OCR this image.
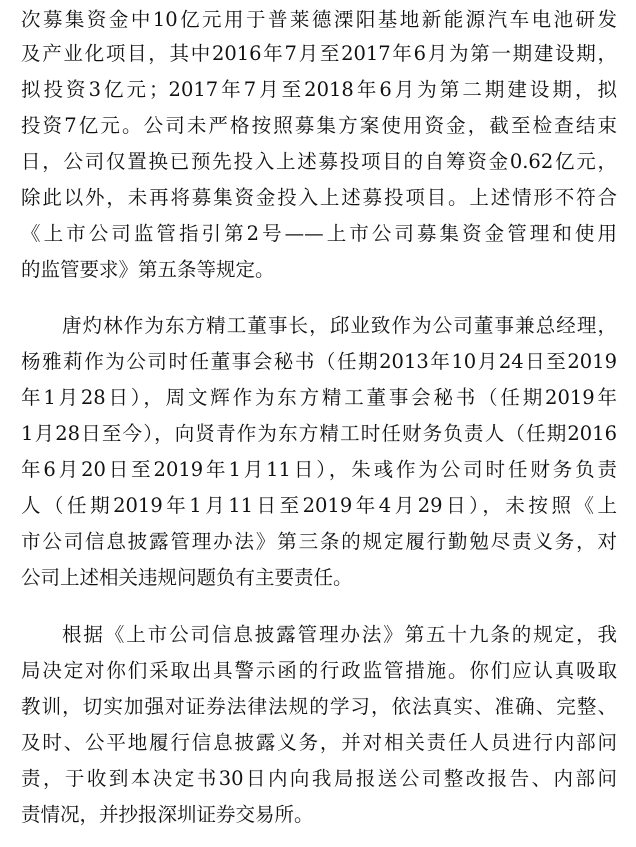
次募集资金中10亿元用于普莱德溧阳基地新能源汽车电池研发
及产业化项目，其中2016年7月至2017年6月为第一期建设期，
拟投资3亿元；2017年7月至2018年6月为第二期建设期，拟
投资7亿元。公司未严格按照募集方案使用资金，截至检查结束
日，公司仅置换已预先投入上述募投项目的自筹资金0.62亿元，
除此以外，未再将募集资金投入上述募投项目。上述情形不符合
《上市公司监管指引第2号——上市公司募集资金管理和使用
的监管要求》第五条等规定。
唐灼林作为东方精工董事长，邱业致作为公司董事兼总经理，
杨雅莉作为公司时任董事会秘书（任期2013年10月24日至2019
年1月28日），周文辉作为东方精工董事会秘书（任期2019年
1月28日至今），向贤青作为东方精工时任财务负责人（任期2016
年6月20日至2019年1月11日），朱彧作为公司时任财务负责
人（任期2019年1月11日至2019年4月29日），未按照《上
市公司信息披露管理办法》第三条的规定履行勤勉尽责义务，对
公司上述相关违规问题负有主要责任。
根据《上市公司信息披露管理办法》第五十九条的规定，我
局决定对你们采取出具警示函的行政监管措施。你们应认真吸取
教训，切实加强对证券法律法规的学习，依法真实、准确、完整、
及时、公平地履行信息披露义务，并对相关责任人员进行内部问
责，于收到本决定书30日内向我局报送公司整改报告、内部问
责情况，并抄报深圳证券交易所。
